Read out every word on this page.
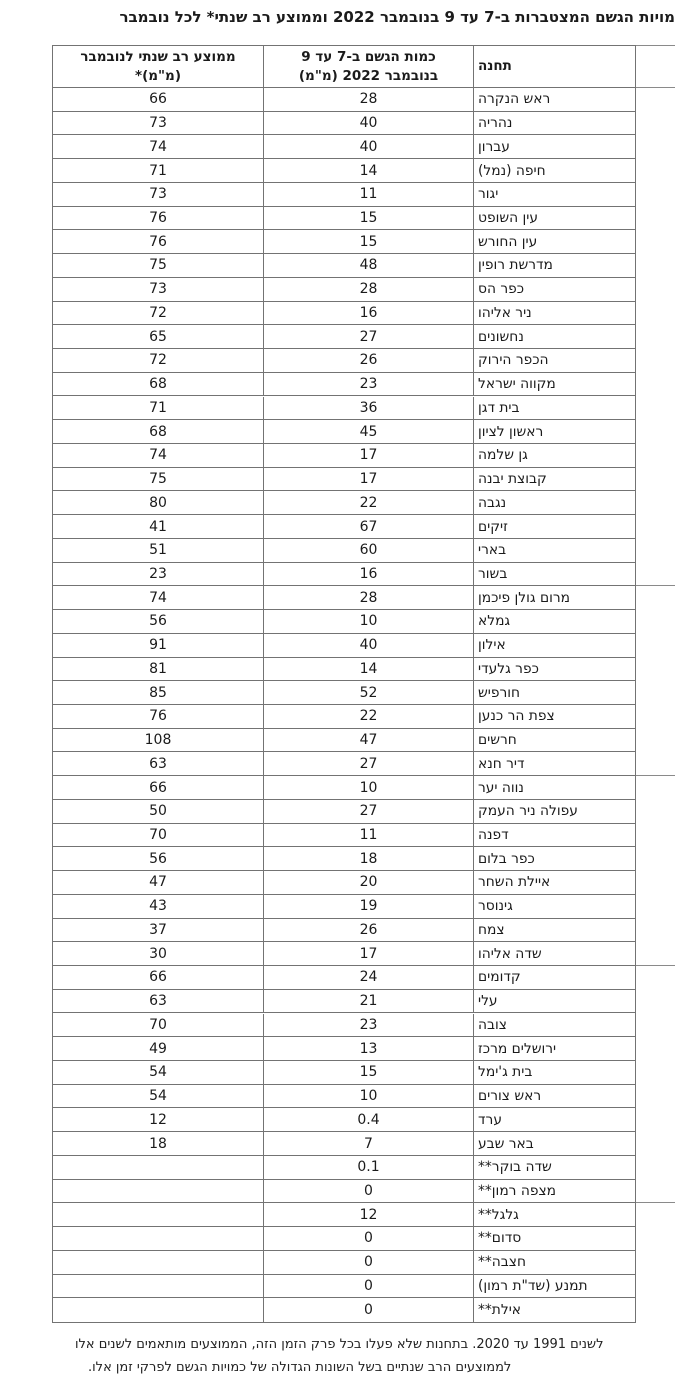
מויות הגשם המצטברות ב-7 עד 9 בנובמבר 2022 וממוצע רב שנתי* לכל נובמבר
תחנה
כמות הגשם ב-7 עד 9
בנובמבר 2022 (מ"מ)
ממוצע רב שנתי לנובמבר
(מ"מ)*
ראש הנקרה
28
66
נהריה
40
73
עברון
40
74
חיפה (נמל)
14
71
יגור
11
73
עין השופט
15
76
עין החורש
15
76
מדרשת רופין
48
75
כפר הס
28
73
ניר אליהו
16
72
נחשונים
27
65
הכפר הירוק
26
72
מקווה ישראל
23
68
בית דגן
36
71
ראשון לציון
45
68
גן שלמה
17
74
קבוצת יבנה
17
75
נגבה
22
80
זיקים
67
41
בארי
60
51
בשור
16
23
מרום גולן פיכמן
28
74
גמלא
10
56
אילון
40
91
כפר גלעדי
14
81
חורפיש
52
85
צפת הר כנען
22
76
חרשים
47
108
דיר חנא
27
63
נווה יער
10
66
עפולה ניר העמק
27
50
דפנה
11
70
כפר בלום
18
56
איילת השחר
20
47
גינוסר
19
43
צמח
26
37
שדה אליהו
17
30
קדומים
24
66
עלי
21
63
צובה
23
70
ירושלים מרכז
13
49
בית ג'ימל
15
54
ראש צורים
10
54
ערד
0.4
12
באר שבע
7
18
שדה בוקר**
0.1
מצפה רמון**
0
גלגל**
12
סדום**
0
חצבה**
0
תמנע (שד"ת רמון)
0
אילת**
0
לשנים 1991 עד 2020. בתחנות שלא פעלו בכל פרק הזמן הזה, הממוצעים מותאמים לשנים אלו
לממוצעים הרב שנתיים בשל השונות הגדולה של כמויות הגשם לפרקי זמן אלו.
